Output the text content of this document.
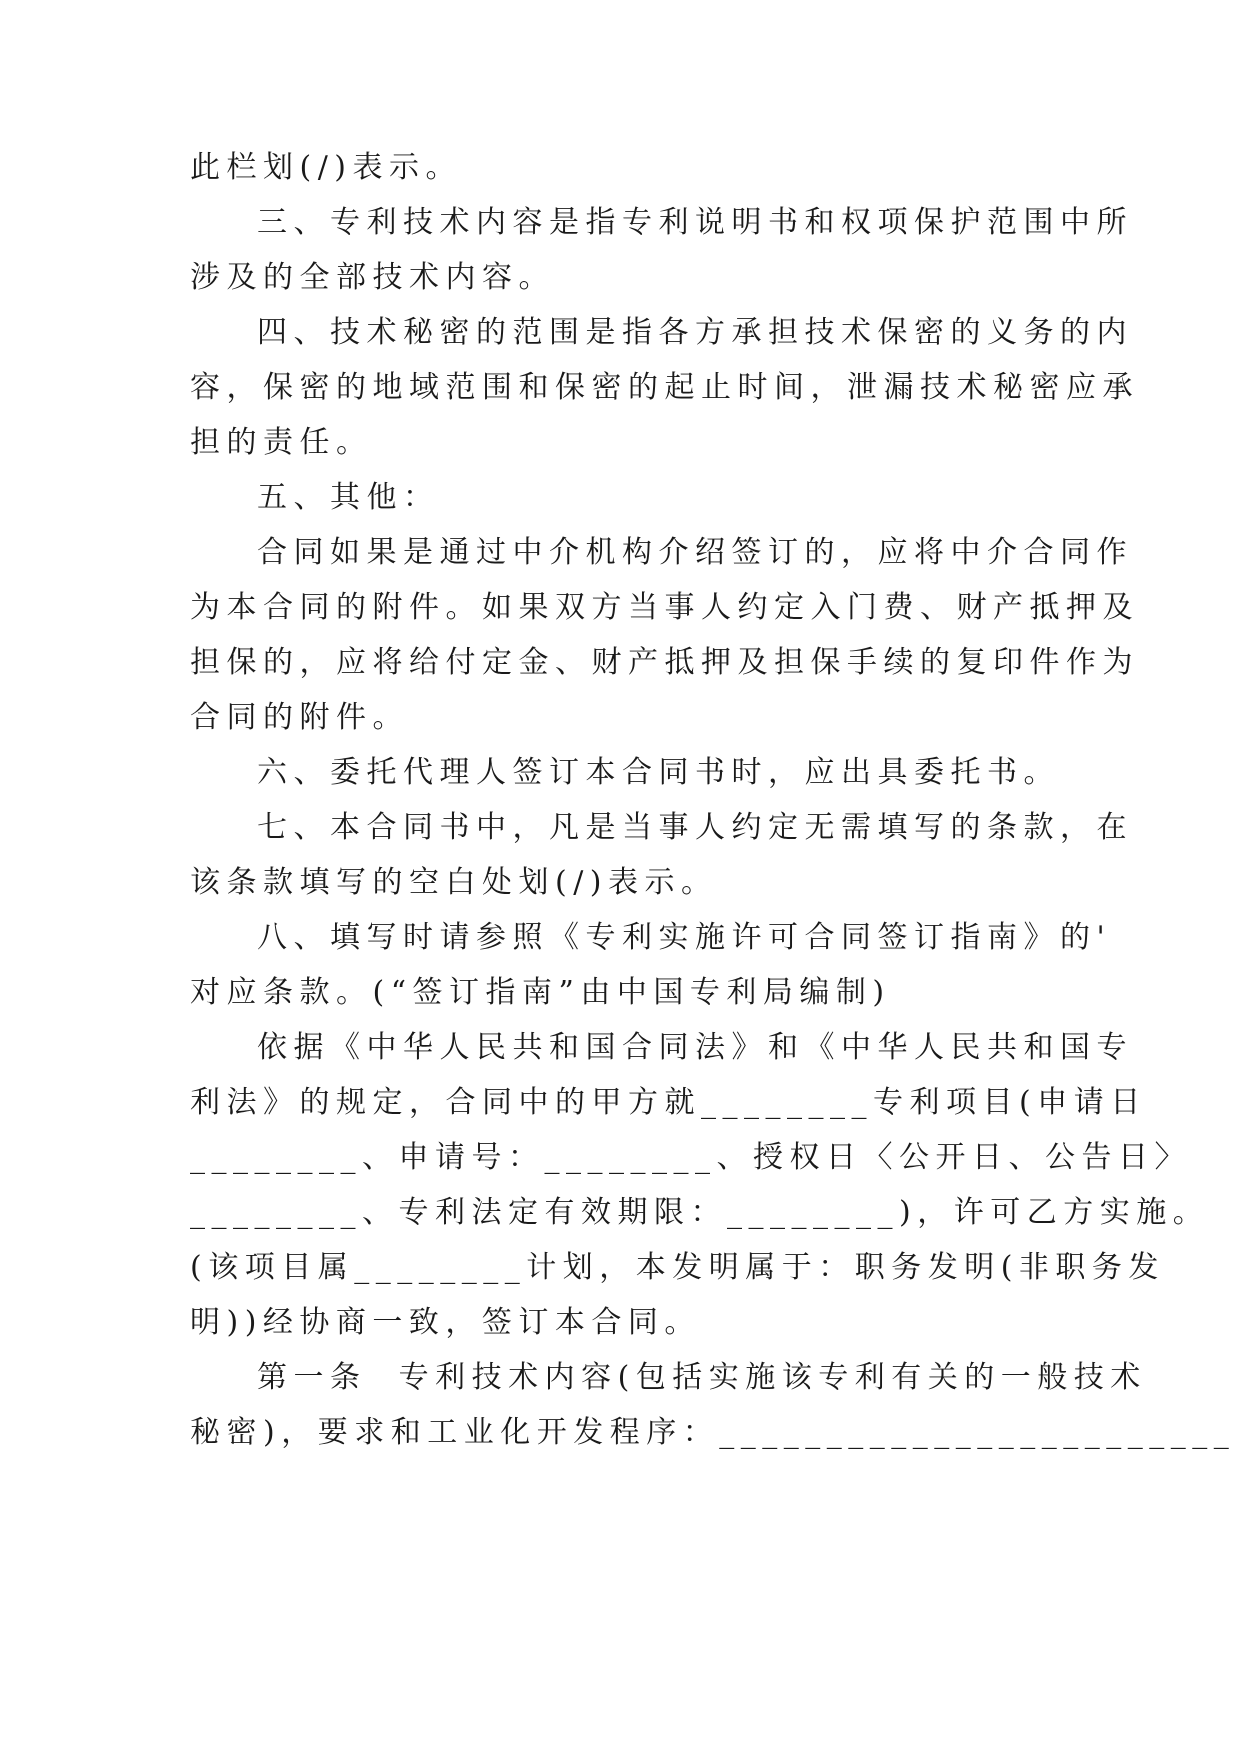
此栏划(/)表示。
三、专利技术内容是指专利说明书和权项保护范围中所
涉及的全部技术内容。
四、技术秘密的范围是指各方承担技术保密的义务的内
容，保密的地域范围和保密的起止时间，泄漏技术秘密应承
担的责任。
五、其他：
合同如果是通过中介机构介绍签订的，应将中介合同作
为本合同的附件。如果双方当事人约定入门费、财产抵押及
担保的，应将给付定金、财产抵押及担保手续的复印件作为
合同的附件。
六、委托代理人签订本合同书时，应出具委托书。
七、本合同书中，凡是当事人约定无需填写的条款，在
该条款填写的空白处划(/)表示。
八、填写时请参照《专利实施许可合同签订指南》的'
对应条款。(“签订指南”由中国专利局编制)
依据《中华人民共和国合同法》和《中华人民共和国专
利法》的规定，合同中的甲方就________专利项目(申请日
________、申请号：________、授权日〈公开日、公告日〉
________、专利法定有效期限：________)，许可乙方实施。
(该项目属________计划，本发明属于：职务发明(非职务发
明))经协商一致，签订本合同。
第一条  专利技术内容(包括实施该专利有关的一般技术
秘密)，要求和工业化开发程序：________________________
